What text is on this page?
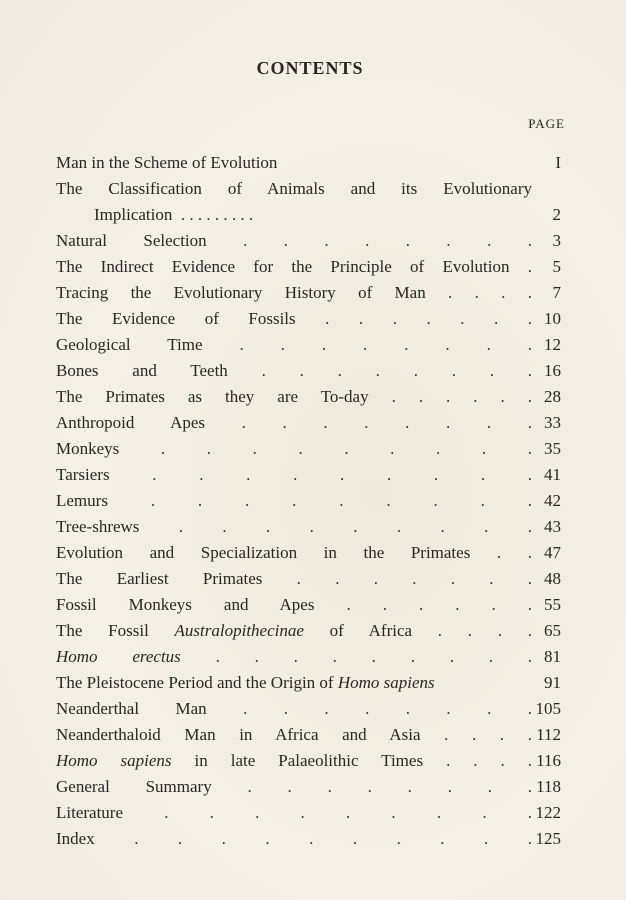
CONTENTS

PAGE

Man in the Scheme of Evolution	I
The Classification of Animals and its Evolutionary
Implication . . . . . . . . .	2
Natural Selection . . . . . . . . 3
The Indirect Evidence for the Principle of Evolution . 5
Tracing the Evolutionary History of Man . . . . 7
The Evidence of Fossils . . . . . . . 10
Geological Time . . . . . . . . 12
Bones and Teeth . . . . . . . . 16
The Primates as they are To-day . . . . . . 28
Anthropoid Apes . . . . . . . . 33
Monkeys . . . . . . . . . 35
Tarsiers	. . . . . . . . . 41
Lemurs	. . . . . . . . . 42
Tree-shrews . . . . . . . . . 43
Evolution and Specialization in the Primates . . 47
The Earliest Primates . . . . . . . 48
Fossil Monkeys and Apes . . . . . . 55
The Fossil Australopithecinae of Africa . . . . 65
Homo erectus . . . . . . . . . 81
The Pleistocene Period and the Origin of Homo sapiens	91
Neanderthal Man . . . . . . . . 105
Neanderthaloid Man in Africa and Asia . . . . 112
Homo sapiens in late Palaeolithic Times . . . . 116
General Summary . . . . . . . . 118
Literature . . . . . . . . . 122
Index . . . . . . . . . . 125
